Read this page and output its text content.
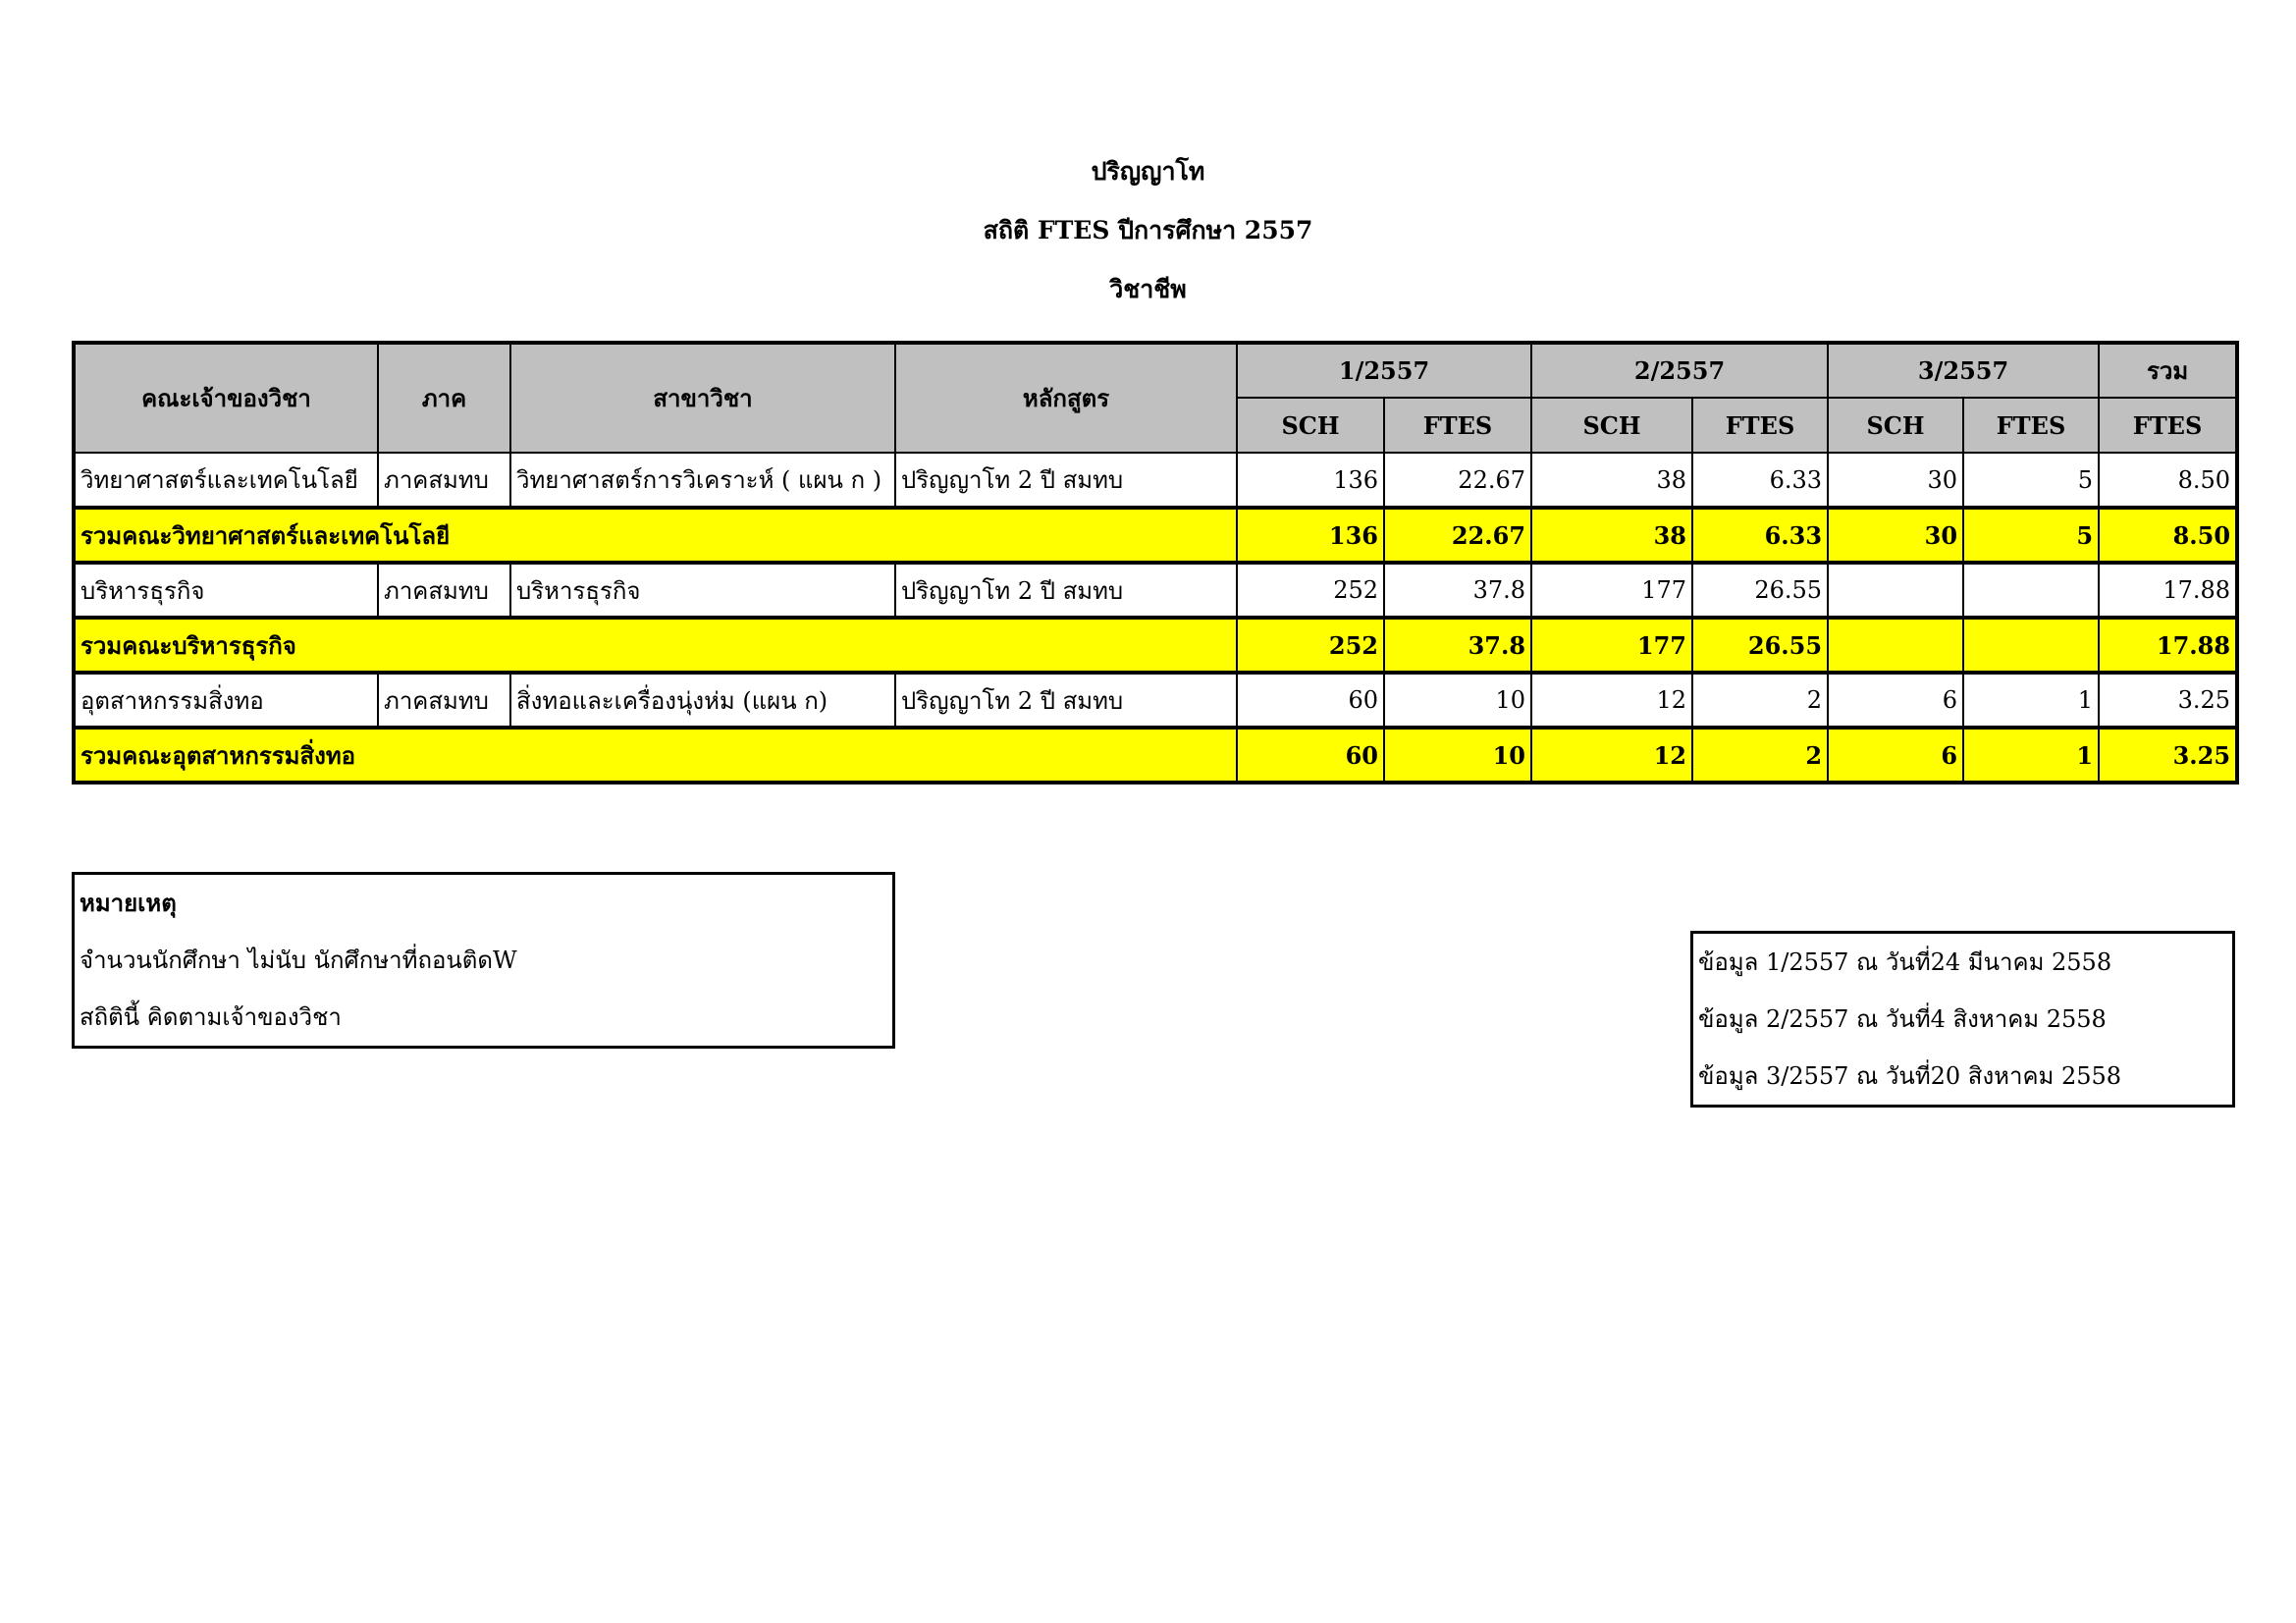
ปริญญาโท
สถิติ FTES ปีการศึกษา 2557
วิชาชีพ
คณะเจ้าของวิชา	ภาค	สาขาวิชา	หลักสูตร	1/2557		2/2557		3/2557		รวม
				SCH	FTES	SCH	FTES	SCH	FTES	FTES
วิทยาศาสตร์และเทคโนโลยี	ภาคสมทบ	วิทยาศาสตร์การวิเคราะห์ ( แผน ก )	ปริญญาโท 2 ปี สมทบ	136	22.67	38	6.33	30	5	8.50
รวมคณะวิทยาศาสตร์และเทคโนโลยี				136	22.67	38	6.33	30	5	8.50
บริหารธุรกิจ	ภาคสมทบ	บริหารธุรกิจ	ปริญญาโท 2 ปี สมทบ	252	37.8	177	26.55			17.88
รวมคณะบริหารธุรกิจ				252	37.8	177	26.55			17.88
อุตสาหกรรมสิ่งทอ	ภาคสมทบ	สิ่งทอและเครื่องนุ่งห่ม (แผน ก)	ปริญญาโท 2 ปี สมทบ	60	10	12	2	6	1	3.25
รวมคณะอุตสาหกรรมสิ่งทอ				60	10	12	2	6	1	3.25
หมายเหตุ
จำนวนนักศึกษา ไม่นับ นักศึกษาที่ถอนติดW
สถิตินี้ คิดตามเจ้าของวิชา
ข้อมูล 1/2557 ณ วันที่24 มีนาคม 2558
ข้อมูล 2/2557 ณ วันที่4 สิงหาคม 2558
ข้อมูล 3/2557 ณ วันที่20 สิงหาคม 2558
